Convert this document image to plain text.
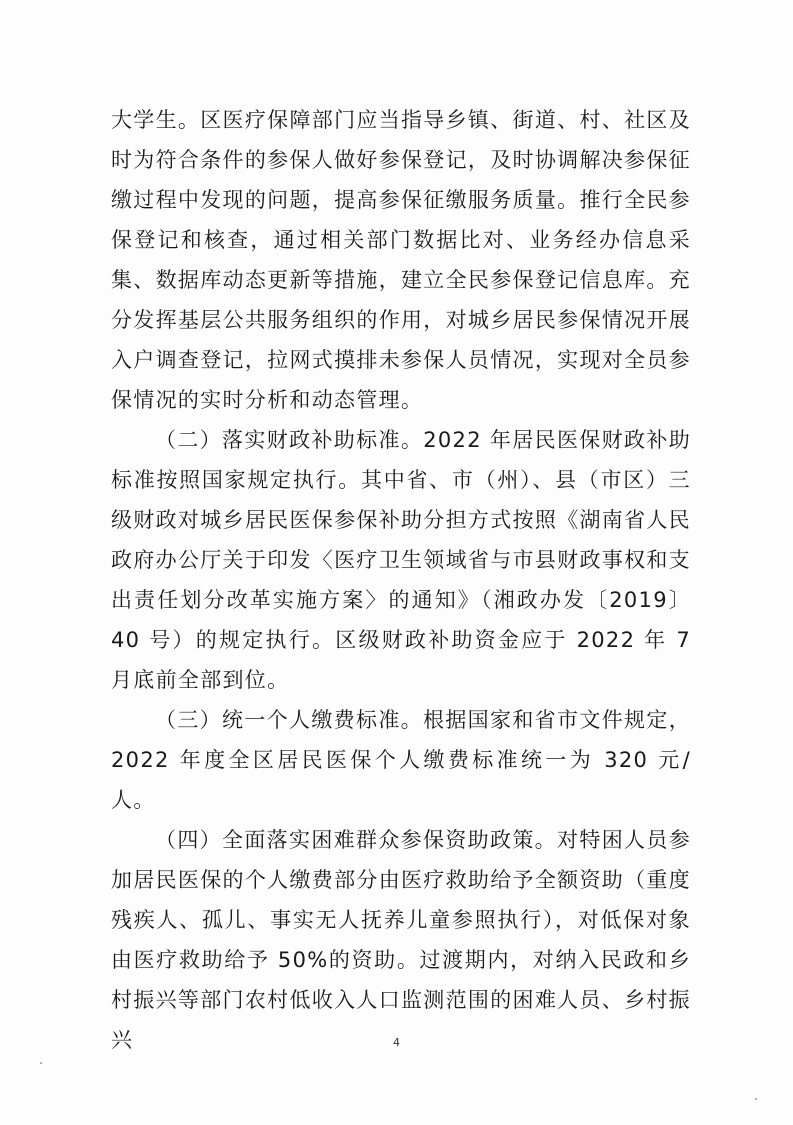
大学生。区医疗保障部门应当指导乡镇、街道、村、社区及时为符合条件的参保人做好参保登记，及时协调解决参保征缴过程中发现的问题，提高参保征缴服务质量。推行全民参保登记和核查，通过相关部门数据比对、业务经办信息采集、数据库动态更新等措施，建立全民参保登记信息库。充分发挥基层公共服务组织的作用，对城乡居民参保情况开展入户调查登记，拉网式摸排未参保人员情况，实现对全员参保情况的实时分析和动态管理。

（二）落实财政补助标准。2022 年居民医保财政补助标准按照国家规定执行。其中省、市（州）、县（市区）三级财政对城乡居民医保参保补助分担方式按照《湖南省人民政府办公厅关于印发〈医疗卫生领域省与市县财政事权和支出责任划分改革实施方案〉的通知》（湘政办发〔2019〕40 号）的规定执行。区级财政补助资金应于 2022 年 7 月底前全部到位。

（三）统一个人缴费标准。根据国家和省市文件规定，2022 年度全区居民医保个人缴费标准统一为 320 元/人。

（四）全面落实困难群众参保资助政策。对特困人员参加居民医保的个人缴费部分由医疗救助给予全额资助（重度残疾人、孤儿、事实无人抚养儿童参照执行），对低保对象由医疗救助给予 50%的资助。过渡期内，对纳入民政和乡村振兴等部门农村低收入人口监测范围的困难人员、乡村振兴	4
